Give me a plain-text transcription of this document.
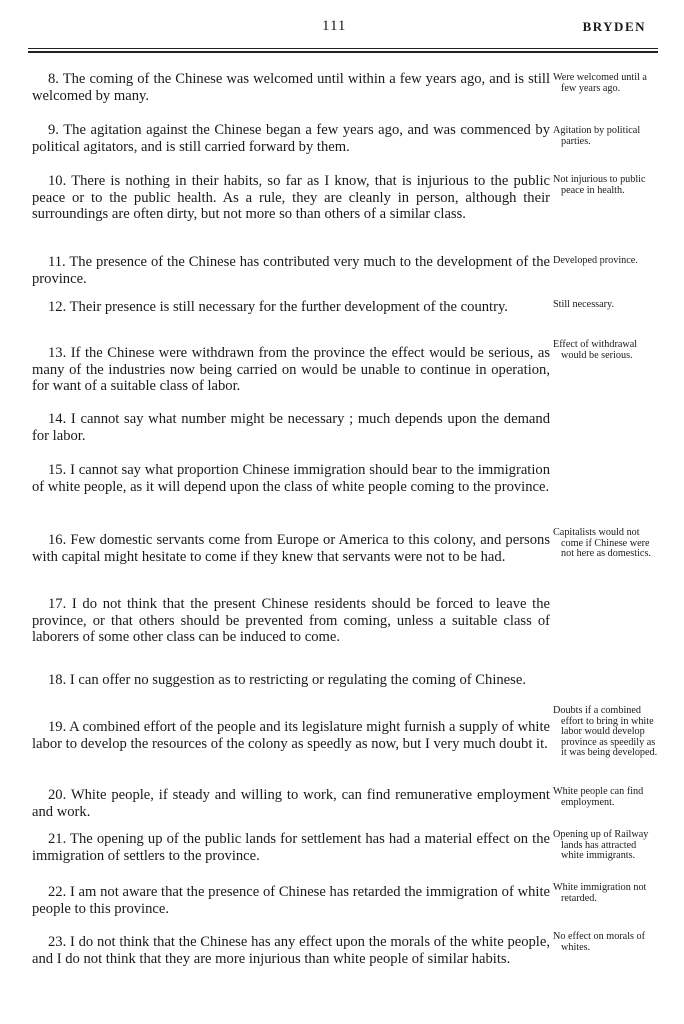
111	BRYDEN
8. The coming of the Chinese was welcomed until within a few years ago, and is still welcomed by many.
9. The agitation against the Chinese began a few years ago, and was commenced by political agitators, and is still carried forward by them.
10. There is nothing in their habits, so far as I know, that is injurious to the public peace or to the public health. As a rule, they are cleanly in person, although their surroundings are often dirty, but not more so than others of a similar class.
11. The presence of the Chinese has contributed very much to the development of the province.
12. Their presence is still necessary for the further development of the country.
13. If the Chinese were withdrawn from the province the effect would be serious, as many of the industries now being carried on would be unable to continue in operation, for want of a suitable class of labor.
14. I cannot say what number might be necessary ; much depends upon the demand for labor.
15. I cannot say what proportion Chinese immigration should bear to the immigration of white people, as it will depend upon the class of white people coming to the province.
16. Few domestic servants come from Europe or America to this colony, and persons with capital might hesitate to come if they knew that servants were not to be had.
17. I do not think that the present Chinese residents should be forced to leave the province, or that others should be prevented from coming, unless a suitable class of laborers of some other class can be induced to come.
18. I can offer no suggestion as to restricting or regulating the coming of Chinese.
19. A combined effort of the people and its legislature might furnish a supply of white labor to develop the resources of the colony as speedly as now, but I very much doubt it.
20. White people, if steady and willing to work, can find remunerative employment and work.
21. The opening up of the public lands for settlement has had a material effect on the immigration of settlers to the province.
22. I am not aware that the presence of Chinese has retarded the immigration of white people to this province.
23. I do not think that the Chinese has any effect upon the morals of the white people, and I do not think that they are more injurious than white people of similar habits.
Were welcomed until a few years ago.
Agitation by political parties.
Not injurious to public peace in health.
Developed province.
Still necessary.
Effect of withdrawal would be serious.
Capitalists would not come if Chinese were not here as domestics.
Doubts if a combined effort to bring in white labor would develop province as speedily as it was being developed.
White people can find employment.
Opening up of Railway lands has attracted white immigrants.
White immigration not retarded.
No effect on morals of whites.
